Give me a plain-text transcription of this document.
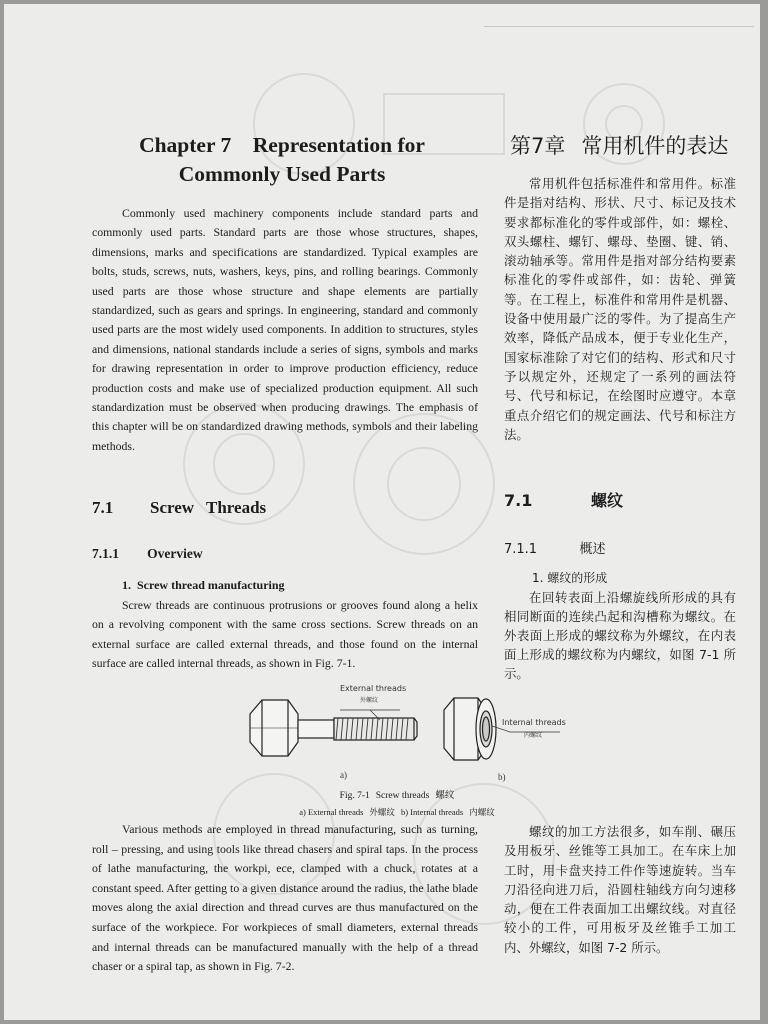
Chapter 7    Representation for
Commonly Used Parts

Commonly used machinery components include standard parts and commonly used parts. Standard parts are those whose structures, shapes, dimensions, marks and specifications are standardized. Typical examples are bolts, studs, screws, nuts, washers, keys, pins, and rolling bearings. Commonly used parts are those whose structure and shape elements are partially standardized, such as gears and springs. In engineering, standard and commonly used parts are the most widely used components. In addition to structures, styles and dimensions, national standards include a series of signs, symbols and marks for drawing representation in order to improve production efficiency, reduce production costs and make use of specialized production equipment. All such standardization must be observed when producing drawings. The emphasis of this chapter will be on standardized drawing methods, symbols and their labeling methods.

7.1   Screw Threads
7.1.1   Overview
1.  Screw thread manufacturing

Screw threads are continuous protrusions or grooves found along a helix on a revolving component with the same cross sections. Screw threads on an external surface are called external threads, and those found on the internal surface are called internal threads, as shown in Fig. 7-1.

Various methods are employed in thread manufacturing, such as turning, roll – pressing, and using tools like thread chasers and spiral taps. In the process of lathe manufacturing, the workpi, ece, clamped with a chuck, rotates at a constant speed. After getting to a given distance around the radius, the lathe blade moves along the axial direction and thread curves are thus manufactured on the surface of the workpiece. For workpieces of small diameters, external threads and internal threads can be manufactured manually with the help of a thread chaser or a spiral tap, as shown in Fig. 7-2.

第7章 常用机件的表达

常用机件包括标准件和常用件。标准件是指对结构、形状、尺寸、标记及技术要求都标准化的零件或部件，如：螺栓、双头螺柱、螺钉、螺母、垫圈、键、销、滚动轴承等。常用件是指对部分结构要素标准化的零件或部件，如：齿轮、弹簧等。在工程上，标准件和常用件是机器、设备中使用最广泛的零件。为了提高生产效率，降低产品成本，便于专业化生产，国家标准除了对它们的结构、形式和尺寸予以规定外，还规定了一系列的画法符号、代号和标记，在绘图时应遵守。本章重点介绍它们的规定画法、代号和标注方法。

7.1   螺纹
7.1.1   概述
1. 螺纹的形成

在回转表面上沿螺旋线所形成的具有相同断面的连续凸起和沟槽称为螺纹。在外表面上形成的螺纹称为外螺纹，在内表面上形成的螺纹称为内螺纹，如图 7-1 所示。

螺纹的加工方法很多，如车削、碾压及用板牙、丝锥等工具加工。在车床上加工时，用卡盘夹持工件作等速旋转。当车刀沿径向进刀后，沿圆柱轴线方向匀速移动，便在工件表面加工出螺纹线。对直径较小的工件，可用板牙及丝锥手工加工内、外螺纹，如图 7-2 所示。

External threads
外螺纹
Internal threads
内螺纹
a)	b)
Fig. 7-1 Screw threads 螺纹
a) External threads 外螺纹 b) Internal threads 内螺纹
